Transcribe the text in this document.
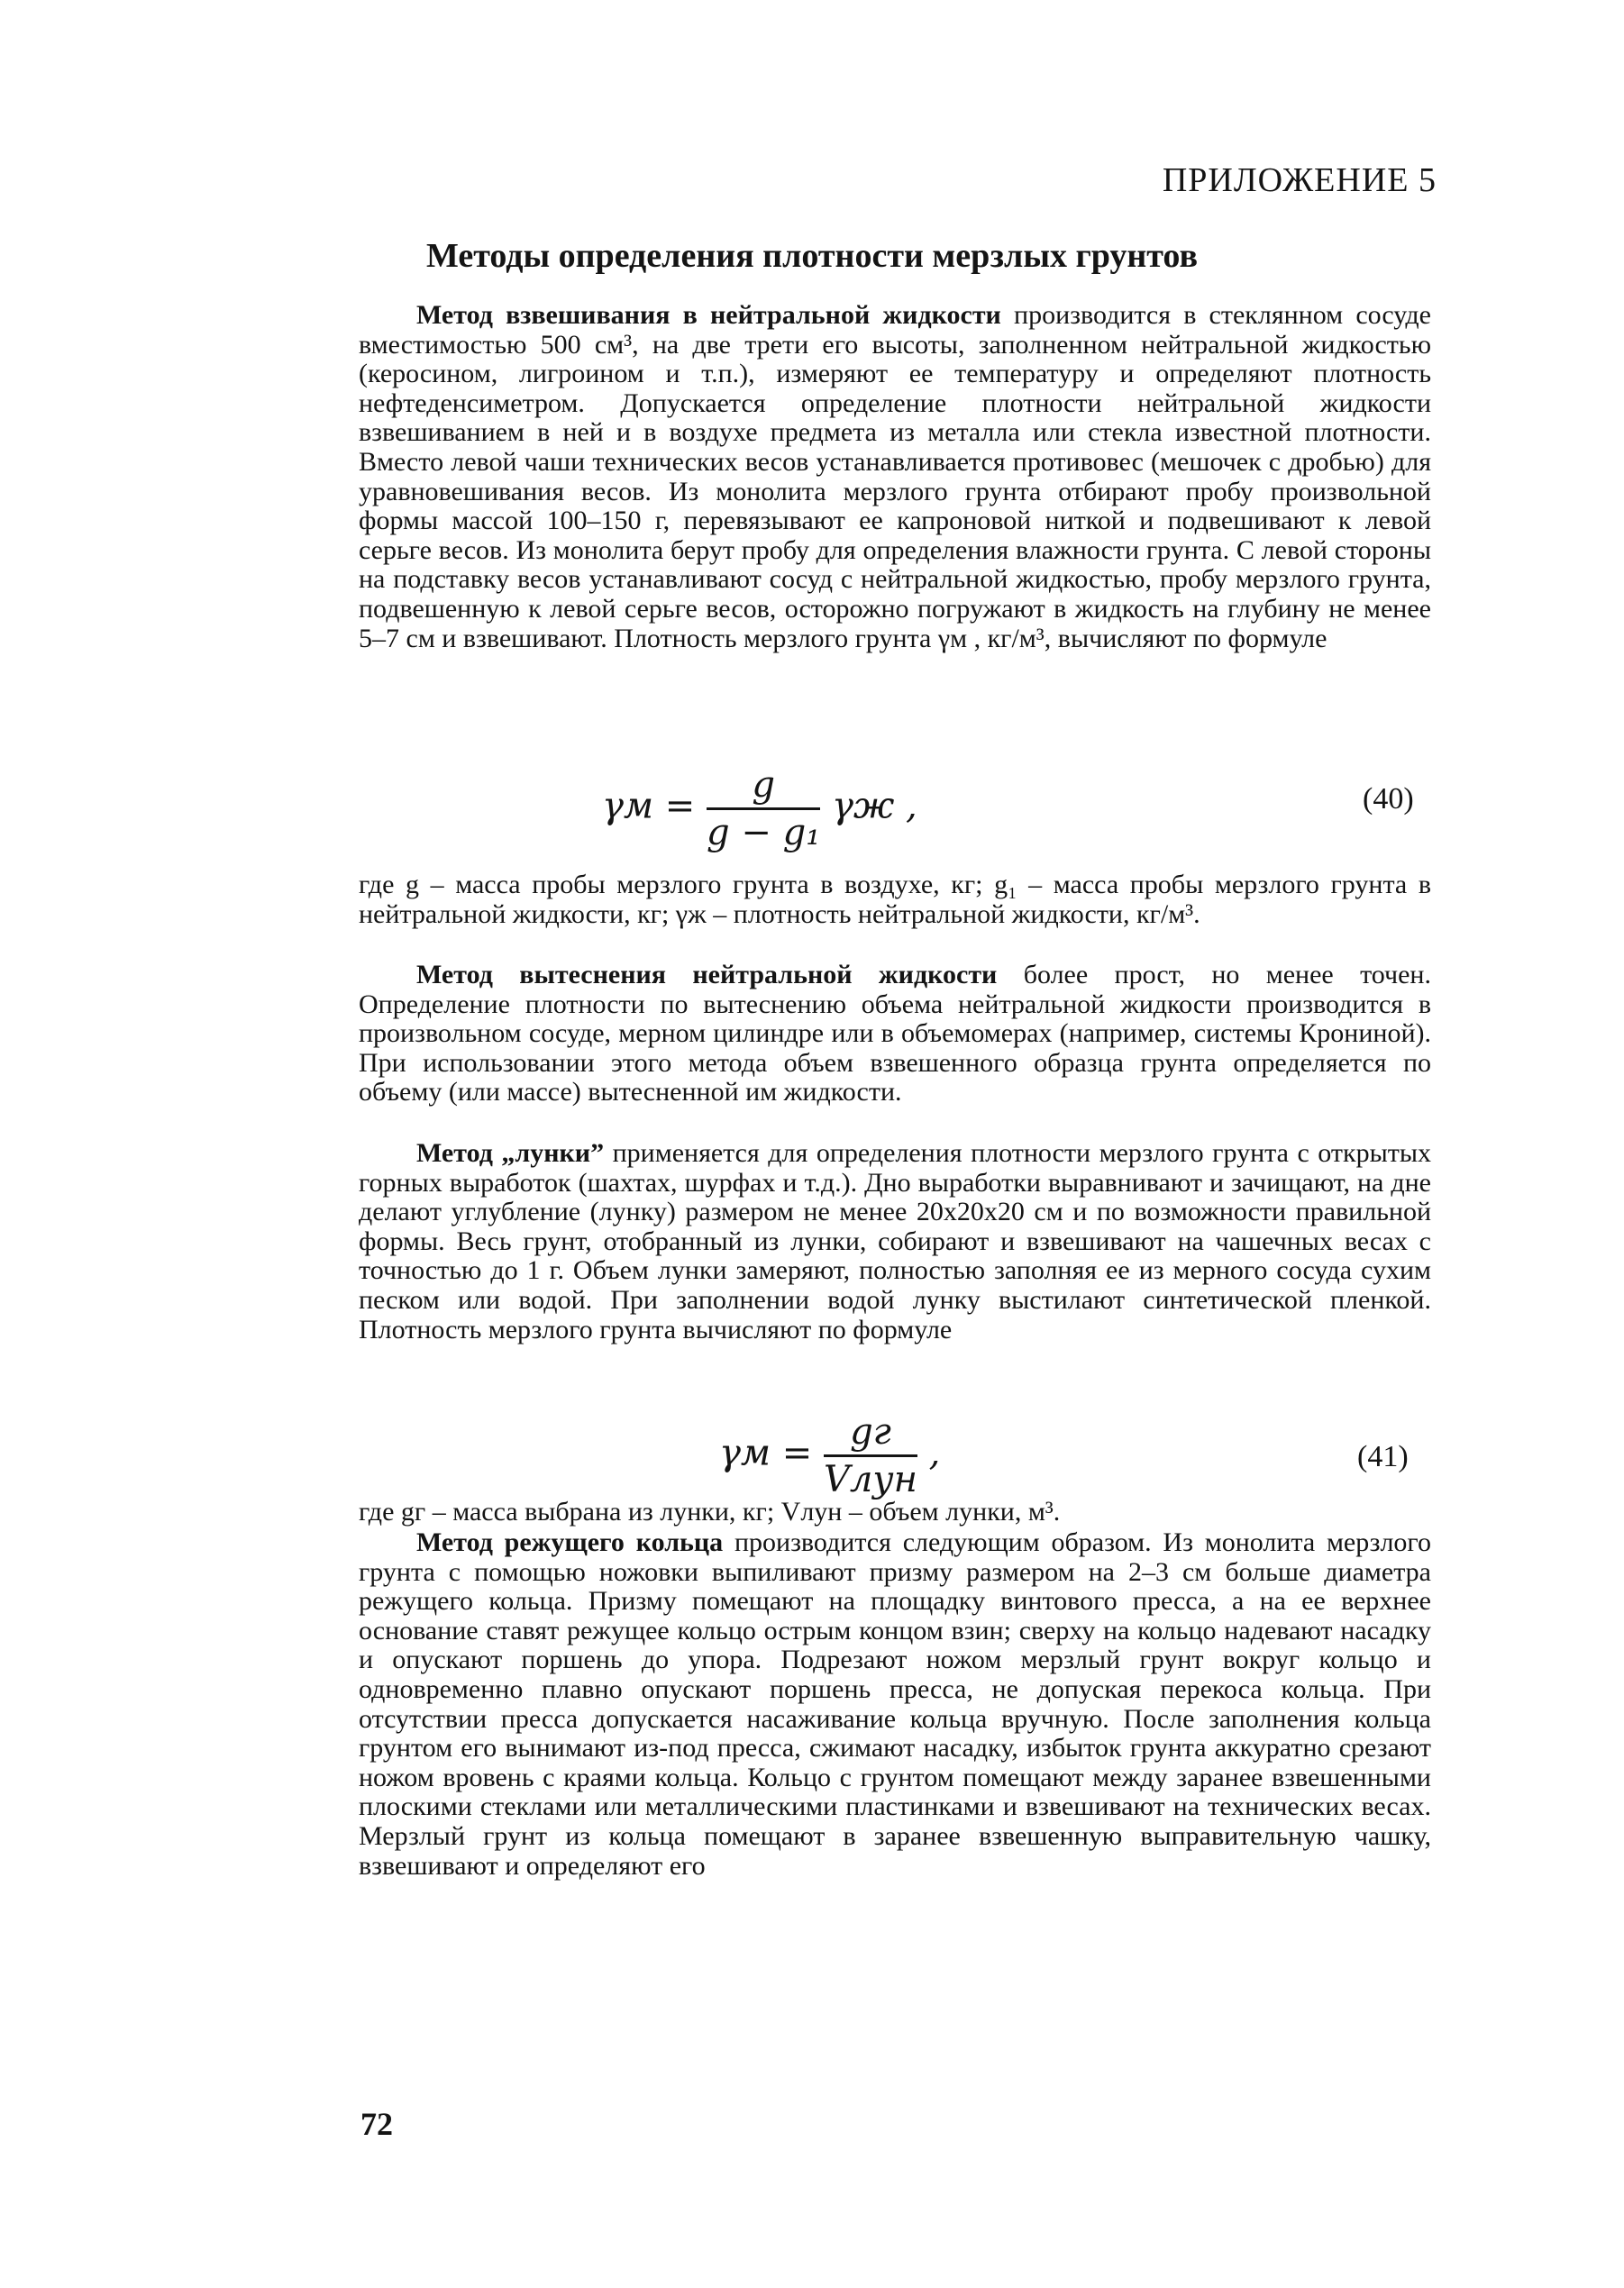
ПРИЛОЖЕНИЕ 5
Методы определения плотности мерзлых грунтов

Метод взвешивания в нейтральной жидкости производится в стеклянном сосуде вместимостью 500 см³, на две трети его высоты, заполненном нейтральной жидкостью (керосином, лигроином и т.п.), измеряют ее температуру и определяют плотность нефтеденсиметром. Допускается определение плотности нейтральной жидкости взвешиванием в ней и в воздухе предмета из металла или стекла известной плотности. Вместо левой чаши технических весов устанавливается противовес (мешочек с дробью) для уравновешивания весов. Из монолита мерзлого грунта отбирают пробу произвольной формы массой 100–150 г, перевязывают ее капроновой ниткой и подвешивают к левой серьге весов. Из монолита берут пробу для определения влажности грунта. С левой стороны на подставку весов устанавливают сосуд с нейтральной жидкостью, пробу мерзлого грунта, подвешенную к левой серьге весов, осторожно погружают в жидкость на глубину не менее 5–7 см и взвешивают. Плотность мерзлого грунта γм , кг/м³, вычисляют по формуле

$\gamma м = \frac{g}{\text{g − g₁}}$ γж ,	(40)

где g – масса пробы мерзлого грунта в воздухе, кг; g₁ – масса пробы мерзлого грунта в нейтральной жидкости, кг; γж – плотность нейтральной жидкости, кг/м³.

Метод вытеснения нейтральной жидкости более прост, но менее точен. Определение плотности по вытеснению объема нейтральной жидкости производится в произвольном сосуде, мерном цилиндре или в объемомерах (например, системы Крониной). При использовании этого метода объем взвешенного образца грунта определяется по объему (или массе) вытесненной им жидкости.

Метод „лунки” применяется для определения плотности мерзлого грунта с открытых горных выработок (шахтах, шурфах и т.д.). Дно выработки выравнивают и зачищают, на дне делают углубление (лунку) размером не менее 20х20х20 см и по возможности правильной формы. Весь грунт, отобранный из лунки, собирают и взвешивают на чашечных весах с точностью до 1 г. Объем лунки замеряют, полностью заполняя ее из мерного сосуда сухим песком или водой. При заполнении водой лунку выстилают синтетической пленкой. Плотность мерзлого грунта вычисляют по формуле

$\gamma м = \frac{gг}{\text{Vлун}}$ ,	(41)

где gг – масса выбрана из лунки, кг; Vлун – объем лунки, м³.

Метод режущего кольца производится следующим образом. Из монолита мерзлого грунта с помощью ножовки выпиливают призму размером на 2–3 см больше диаметра режущего кольца. Призму помещают на площадку винтового пресса, а на ее верхнее основание ставят режущее кольцо острым концом взин; сверху на кольцо надевают насадку и опускают поршень до упора. Подрезают ножом мерзлый грунт вокруг кольцо и одновременно плавно опускают поршень пресса, не допуская перекоса кольца. При отсутствии пресса допускается насаживание кольца вручную. После заполнения кольца грунтом его вынимают из-под пресса, сжимают насадку, избыток грунта аккуратно срезают ножом вровень с краями кольца. Кольцо с грунтом помещают между заранее взвешенными плоскими стеклами или металлическими пластинками и взвешивают на технических весах. Мерзлый грунт из кольца помещают в заранее взвешенную выправительную чашку, взвешивают и определяют его

72
